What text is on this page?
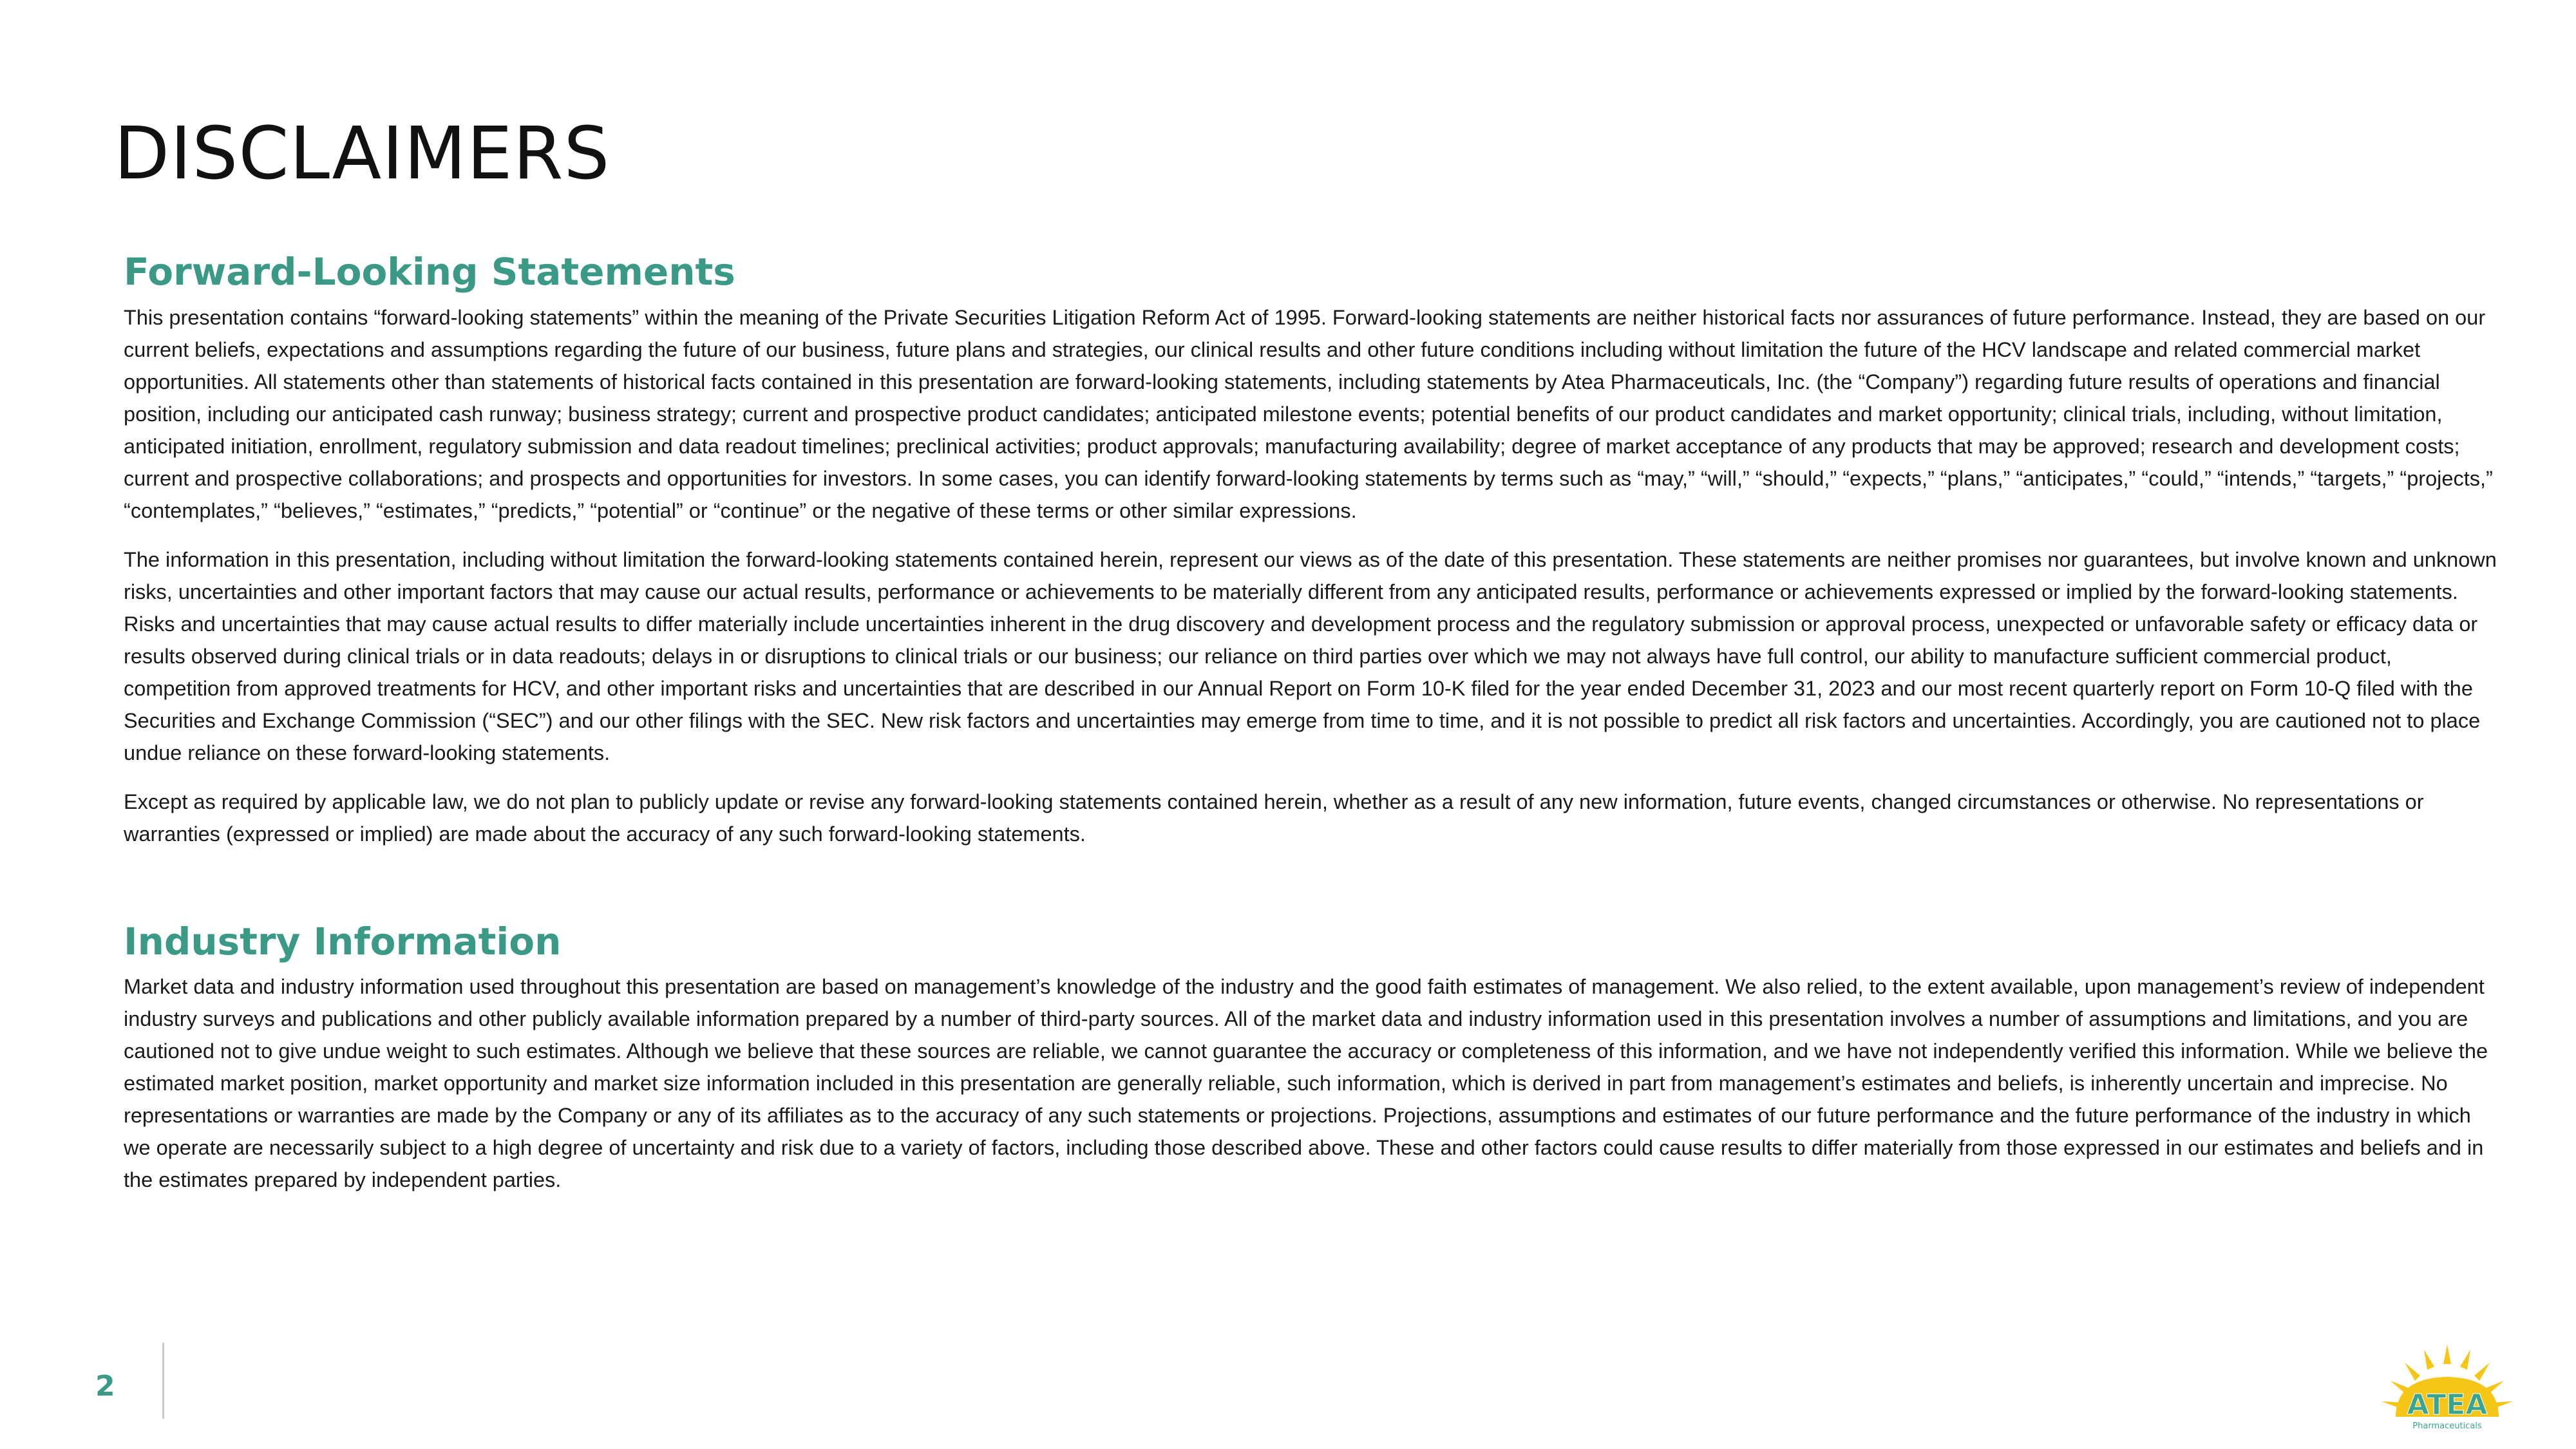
DISCLAIMERS
Forward-Looking Statements

This presentation contains “forward-looking statements” within the meaning of the Private Securities Litigation Reform Act of 1995. Forward-looking statements are neither historical facts nor assurances of future performance. Instead, they are based on our current beliefs, expectations and assumptions regarding the future of our business, future plans and strategies, our clinical results and other future conditions including without limitation the future of the HCV landscape and related commercial market opportunities. All statements other than statements of historical facts contained in this presentation are forward-looking statements, including statements by Atea Pharmaceuticals, Inc. (the “Company”) regarding future results of operations and financial position, including our anticipated cash runway; business strategy; current and prospective product candidates; anticipated milestone events; potential benefits of our product candidates and market opportunity; clinical trials, including, without limitation, anticipated initiation, enrollment, regulatory submission and data readout timelines; preclinical activities; product approvals; manufacturing availability; degree of market acceptance of any products that may be approved; research and development costs; current and prospective collaborations; and prospects and opportunities for investors. In some cases, you can identify forward-looking statements by terms such as “may,” “will,” “should,” “expects,” “plans,” “anticipates,” “could,” “intends,” “targets,” “projects,” “contemplates,” “believes,” “estimates,” “predicts,” “potential” or “continue” or the negative of these terms or other similar expressions.

The information in this presentation, including without limitation the forward-looking statements contained herein, represent our views as of the date of this presentation. These statements are neither promises nor guarantees, but involve known and unknown risks, uncertainties and other important factors that may cause our actual results, performance or achievements to be materially different from any anticipated results, performance or achievements expressed or implied by the forward-looking statements. Risks and uncertainties that may cause actual results to differ materially include uncertainties inherent in the drug discovery and development process and the regulatory submission or approval process, unexpected or unfavorable safety or efficacy data or results observed during clinical trials or in data readouts; delays in or disruptions to clinical trials or our business; our reliance on third parties over which we may not always have full control, our ability to manufacture sufficient commercial product, competition from approved treatments for HCV, and other important risks and uncertainties that are described in our Annual Report on Form 10-K filed for the year ended December 31, 2023 and our most recent quarterly report on Form 10-Q filed with the Securities and Exchange Commission (“SEC”) and our other filings with the SEC. New risk factors and uncertainties may emerge from time to time, and it is not possible to predict all risk factors and uncertainties. Accordingly, you are cautioned not to place undue reliance on these forward-looking statements.

Except as required by applicable law, we do not plan to publicly update or revise any forward-looking statements contained herein, whether as a result of any new information, future events, changed circumstances or otherwise. No representations or warranties (expressed or implied) are made about the accuracy of any such forward-looking statements.

Industry Information

Market data and industry information used throughout this presentation are based on management’s knowledge of the industry and the good faith estimates of management. We also relied, to the extent available, upon management’s review of independent industry surveys and publications and other publicly available information prepared by a number of third-party sources. All of the market data and industry information used in this presentation involves a number of assumptions and limitations, and you are cautioned not to give undue weight to such estimates. Although we believe that these sources are reliable, we cannot guarantee the accuracy or completeness of this information, and we have not independently verified this information. While we believe the estimated market position, market opportunity and market size information included in this presentation are generally reliable, such information, which is derived in part from management’s estimates and beliefs, is inherently uncertain and imprecise. No representations or warranties are made by the Company or any of its affiliates as to the accuracy of any such statements or projections. Projections, assumptions and estimates of our future performance and the future performance of the industry in which we operate are necessarily subject to a high degree of uncertainty and risk due to a variety of factors, including those described above. These and other factors could cause results to differ materially from those expressed in our estimates and beliefs and in the estimates prepared by independent parties.

2
ATEA
Pharmaceuticals
